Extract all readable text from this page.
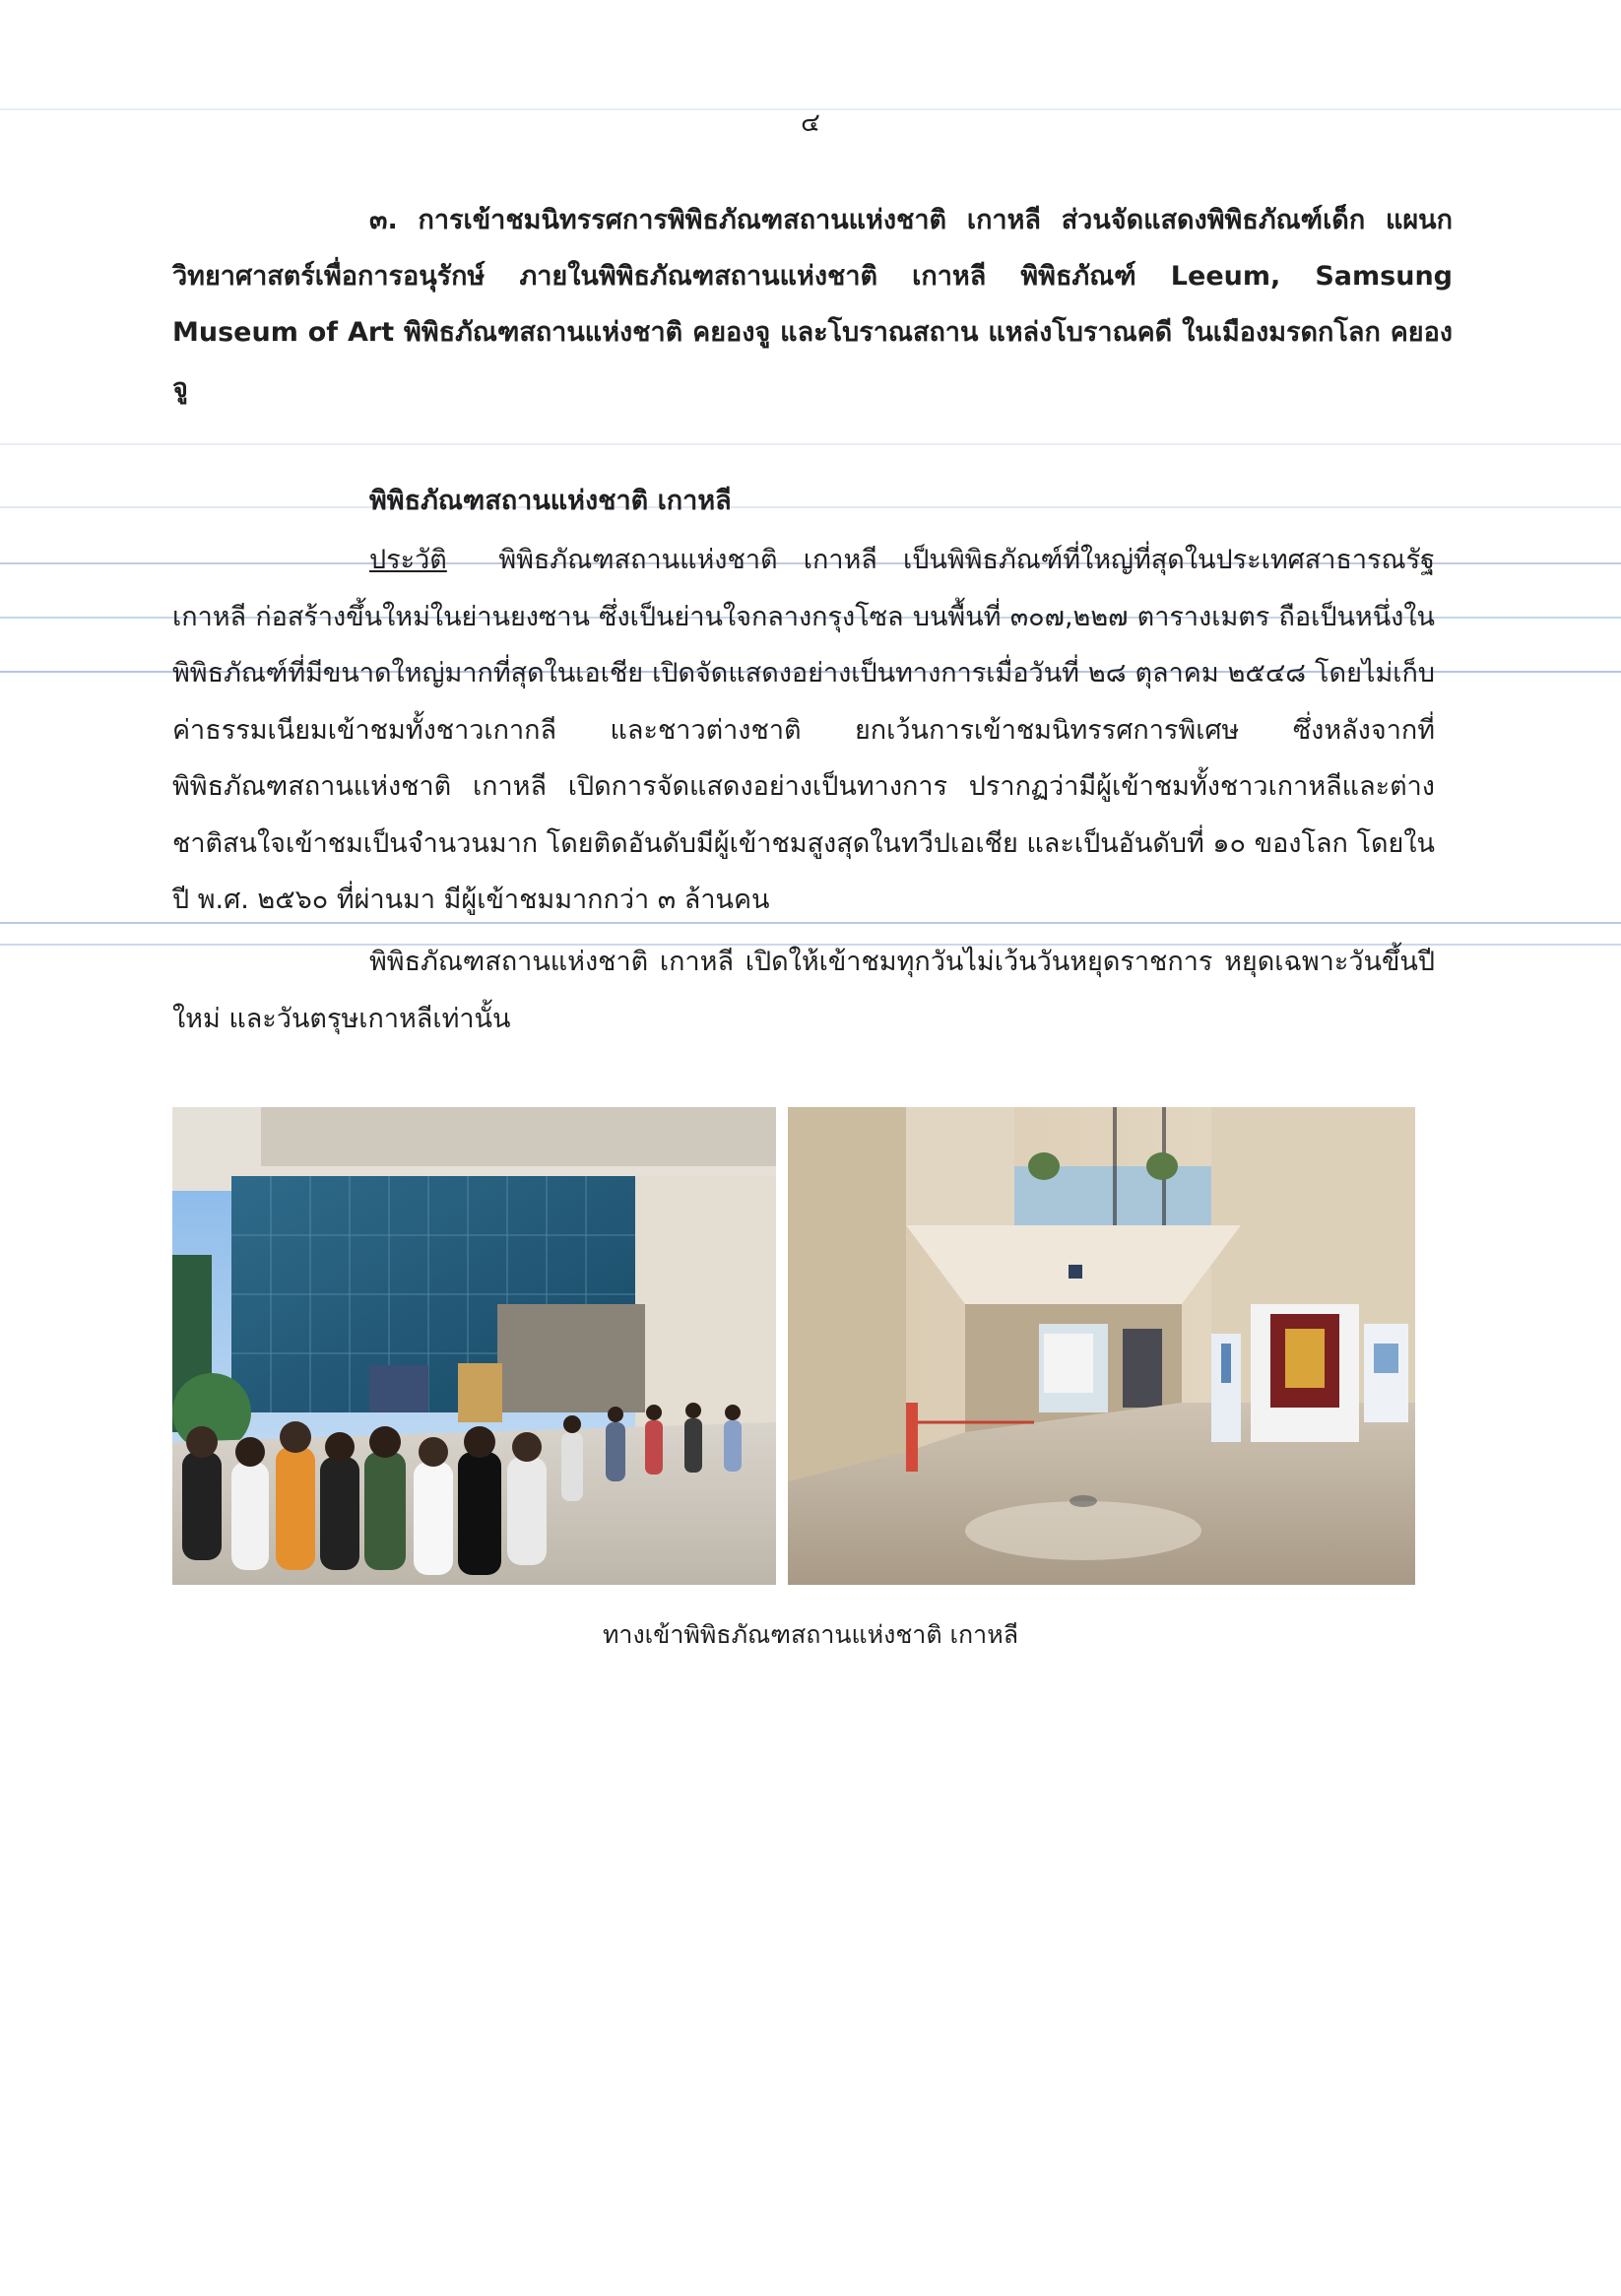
๔
๓. การเข้าชมนิทรรศการพิพิธภัณฑสถานแห่งชาติ เกาหลี ส่วนจัดแสดงพิพิธภัณฑ์เด็ก แผนกวิทยาศาสตร์เพื่อการอนุรักษ์ ภายในพิพิธภัณฑสถานแห่งชาติ เกาหลี พิพิธภัณฑ์ Leeum, Samsung Museum of Art พิพิธภัณฑสถานแห่งชาติ คยองจู และโบราณสถาน แหล่งโบราณคดี ในเมืองมรดกโลก คยองจู
พิพิธภัณฑสถานแห่งชาติ เกาหลี
ประวัติ พิพิธภัณฑสถานแห่งชาติ เกาหลี เป็นพิพิธภัณฑ์ที่ใหญ่ที่สุดในประเทศสาธารณรัฐเกาหลี ก่อสร้างขึ้นใหม่ในย่านยงซาน ซึ่งเป็นย่านใจกลางกรุงโซล บนพื้นที่ ๓๐๗,๒๒๗ ตารางเมตร ถือเป็นหนึ่งในพิพิธภัณฑ์ที่มีขนาดใหญ่มากที่สุดในเอเชีย เปิดจัดแสดงอย่างเป็นทางการเมื่อวันที่ ๒๘ ตุลาคม ๒๕๔๘ โดยไม่เก็บค่าธรรมเนียมเข้าชมทั้งชาวเกากลี และชาวต่างชาติ ยกเว้นการเข้าชมนิทรรศการพิเศษ ซึ่งหลังจากที่พิพิธภัณฑสถานแห่งชาติ เกาหลี เปิดการจัดแสดงอย่างเป็นทางการ ปรากฏว่ามีผู้เข้าชมทั้งชาวเกาหลีและต่างชาติสนใจเข้าชมเป็นจำนวนมาก โดยติดอันดับมีผู้เข้าชมสูงสุดในทวีปเอเชีย และเป็นอันดับที่ ๑๐ ของโลก โดยในปี พ.ศ. ๒๕๖๐ ที่ผ่านมา มีผู้เข้าชมมากกว่า ๓ ล้านคน
พิพิธภัณฑสถานแห่งชาติ เกาหลี เปิดให้เข้าชมทุกวันไม่เว้นวันหยุดราชการ หยุดเฉพาะวันขึ้นปีใหม่ และวันตรุษเกาหลีเท่านั้น
ทางเข้าพิพิธภัณฑสถานแห่งชาติ เกาหลี
